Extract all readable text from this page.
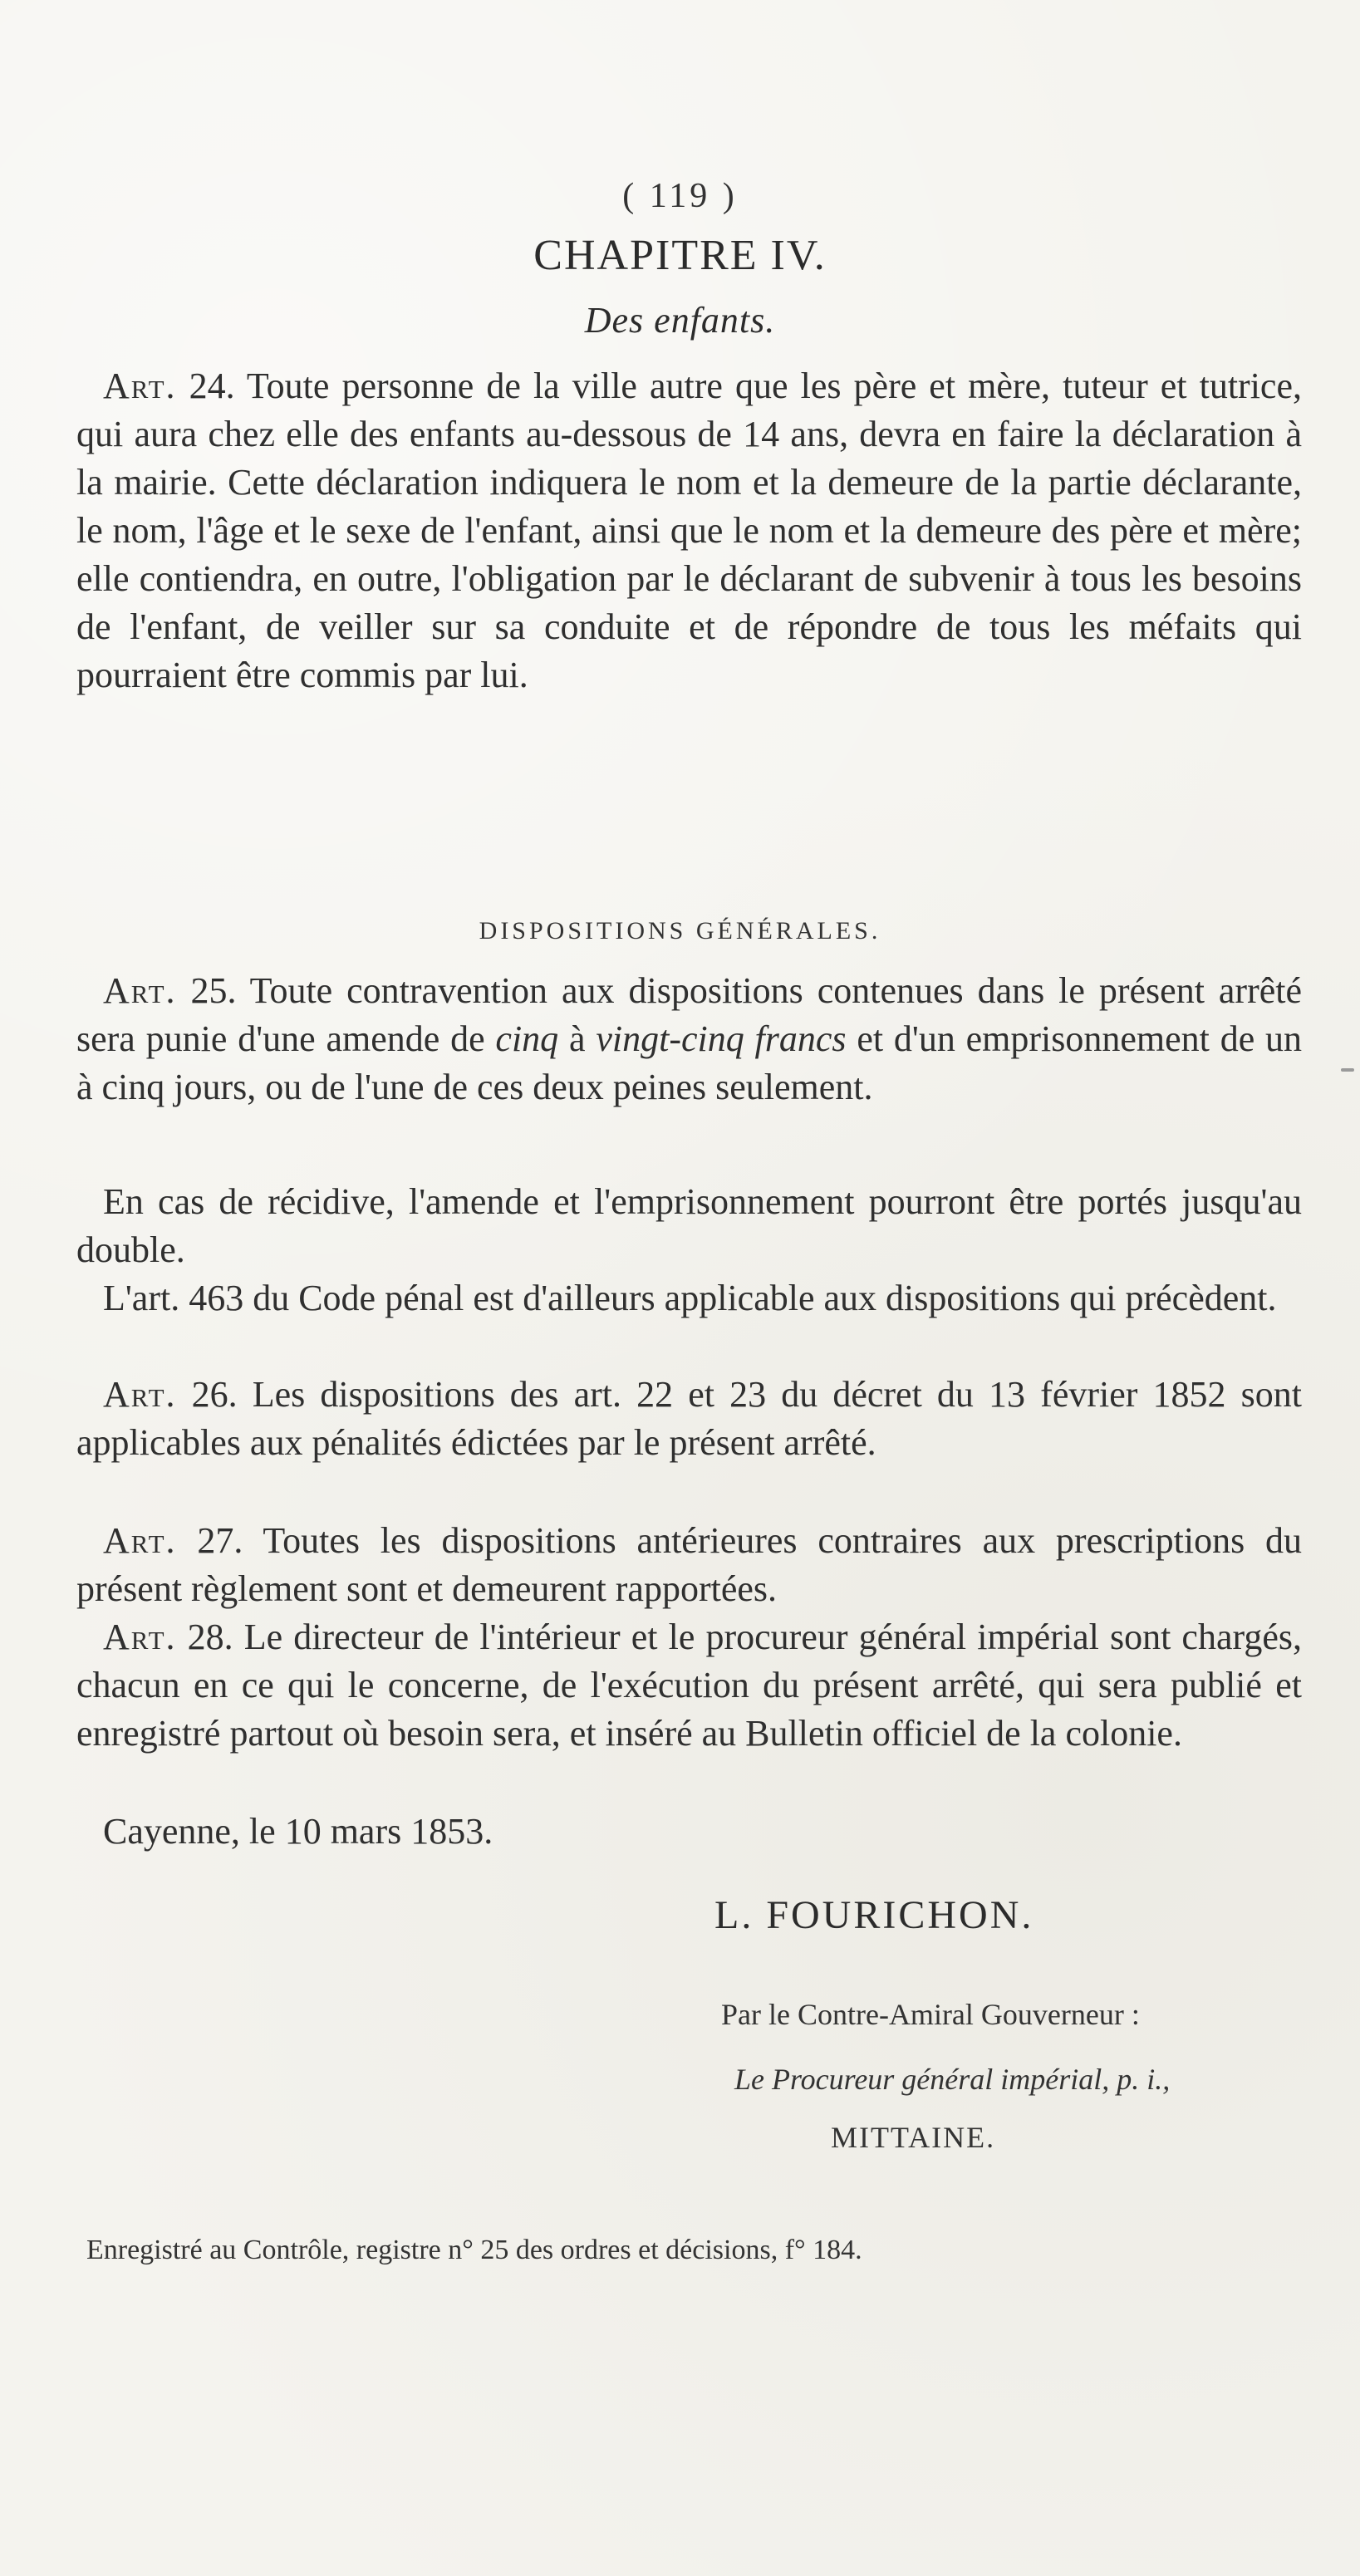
( 119 )
CHAPITRE IV.
Des enfants.
Art. 24. Toute personne de la ville autre que les père et mère, tuteur et tutrice, qui aura chez elle des enfants au-dessous de 14 ans, devra en faire la déclaration à la mairie. Cette déclaration indiquera le nom et la demeure de la partie déclarante, le nom, l'âge et le sexe de l'enfant, ainsi que le nom et la demeure des père et mère; elle contiendra, en outre, l'obligation par le déclarant de subvenir à tous les besoins de l'enfant, de veiller sur sa conduite et de répondre de tous les méfaits qui pourraient être commis par lui.
DISPOSITIONS GÉNÉRALES.
Art. 25. Toute contravention aux dispositions contenues dans le présent arrêté sera punie d'une amende de cinq à vingt-cinq francs et d'un emprisonnement de un à cinq jours, ou de l'une de ces deux peines seulement.
En cas de récidive, l'amende et l'emprisonnement pourront être portés jusqu'au double.
L'art. 463 du Code pénal est d'ailleurs applicable aux dispositions qui précèdent.
Art. 26. Les dispositions des art. 22 et 23 du décret du 13 février 1852 sont applicables aux pénalités édictées par le présent arrêté.
Art. 27. Toutes les dispositions antérieures contraires aux prescriptions du présent règlement sont et demeurent rapportées.
Art. 28. Le directeur de l'intérieur et le procureur général impérial sont chargés, chacun en ce qui le concerne, de l'exécution du présent arrêté, qui sera publié et enregistré partout où besoin sera, et inséré au Bulletin officiel de la colonie.
Cayenne, le 10 mars 1853.
L. FOURICHON.
Par le Contre-Amiral Gouverneur :
Le Procureur général impérial, p. i.,
MITTAINE.
Enregistré au Contrôle, registre n° 25 des ordres et décisions, f° 184.
